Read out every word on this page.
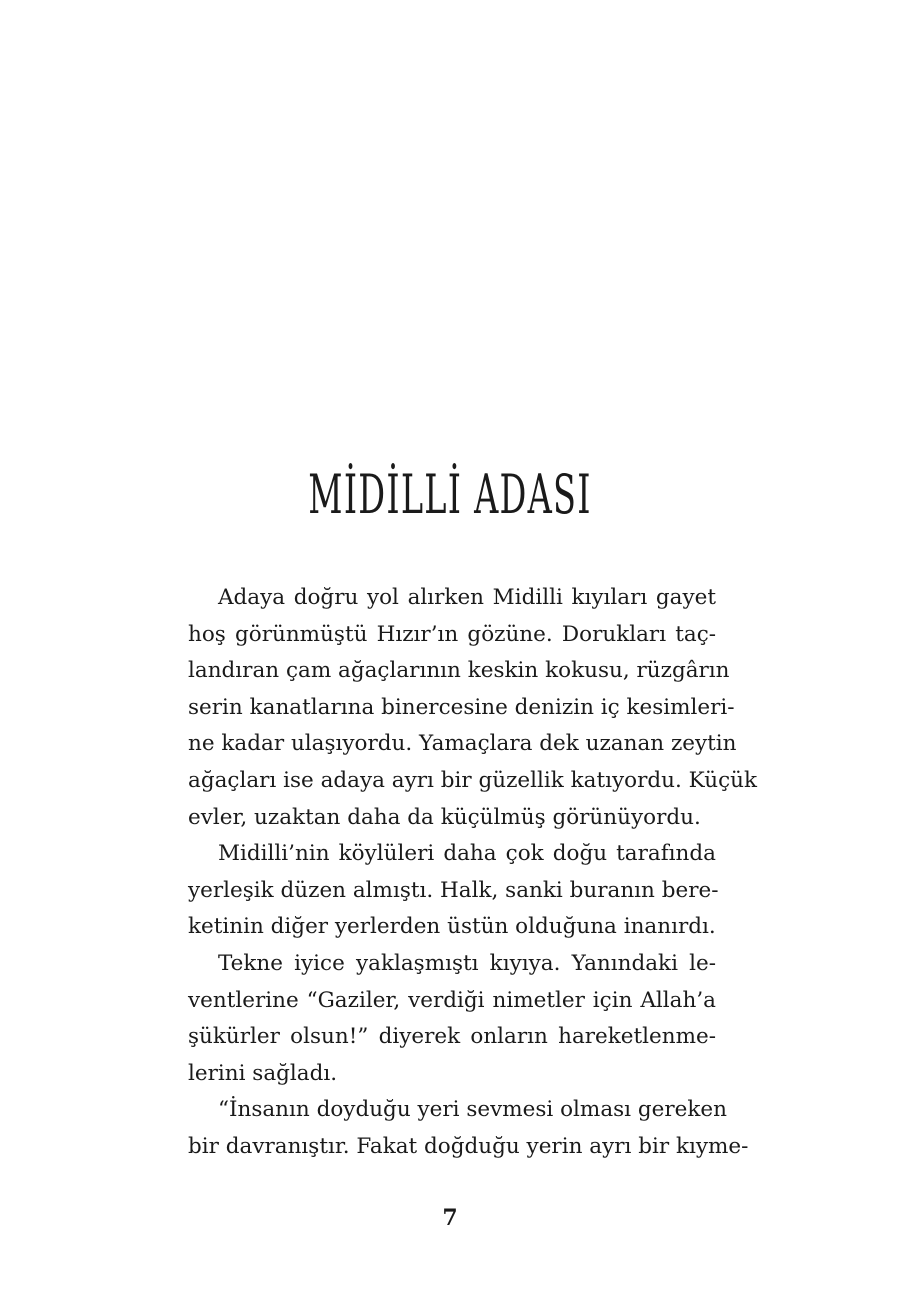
MİDİLLİ ADASI
Adaya doğru yol alırken Midilli kıyıları gayet
hoş görünmüştü Hızır’ın gözüne. Dorukları taç-
landıran çam ağaçlarının keskin kokusu, rüzgârın
serin kanatlarına binercesine denizin iç kesimleri-
ne kadar ulaşıyordu. Yamaçlara dek uzanan zeytin
ağaçları ise adaya ayrı bir güzellik katıyordu. Küçük
evler, uzaktan daha da küçülmüş görünüyordu.
Midilli’nin köylüleri daha çok doğu tarafında
yerleşik düzen almıştı. Halk, sanki buranın bere-
ketinin diğer yerlerden üstün olduğuna inanırdı.
Tekne iyice yaklaşmıştı kıyıya. Yanındaki le-
ventlerine “Gaziler, verdiği nimetler için Allah’a
şükürler olsun!” diyerek onların hareketlenme-
lerini sağladı.
“İnsanın doyduğu yeri sevmesi olması gereken
bir davranıştır. Fakat doğduğu yerin ayrı bir kıyme-
7
